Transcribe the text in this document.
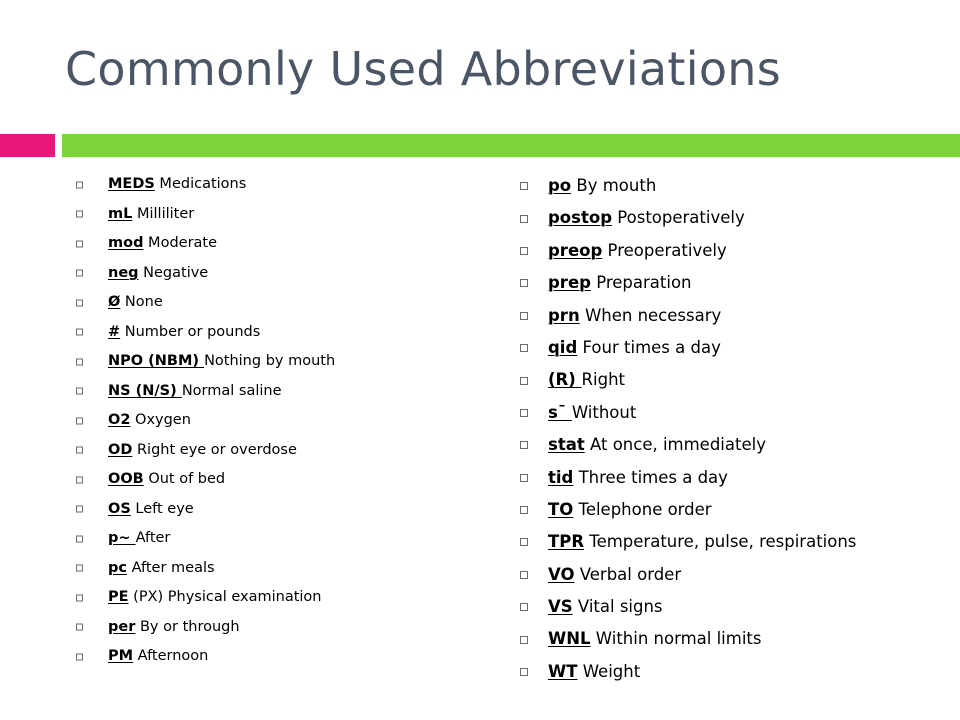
Commonly Used Abbreviations
MEDS Medications
mL Milliliter
mod Moderate
neg Negative
Ø None
# Number or pounds
NPO (NBM) Nothing by mouth
NS (N/S) Normal saline
O2 Oxygen
OD Right eye or overdose
OOB Out of bed
OS Left eye
p~ After
pc After meals
PE (PX) Physical examination
per By or through
PM Afternoon
po By mouth
postop Postoperatively
preop Preoperatively
prep Preparation
prn When necessary
qid Four times a day
(R) Right
s¯ Without
stat At once, immediately
tid Three times a day
TO Telephone order
TPR Temperature, pulse, respirations
VO Verbal order
VS Vital signs
WNL Within normal limits
WT Weight
